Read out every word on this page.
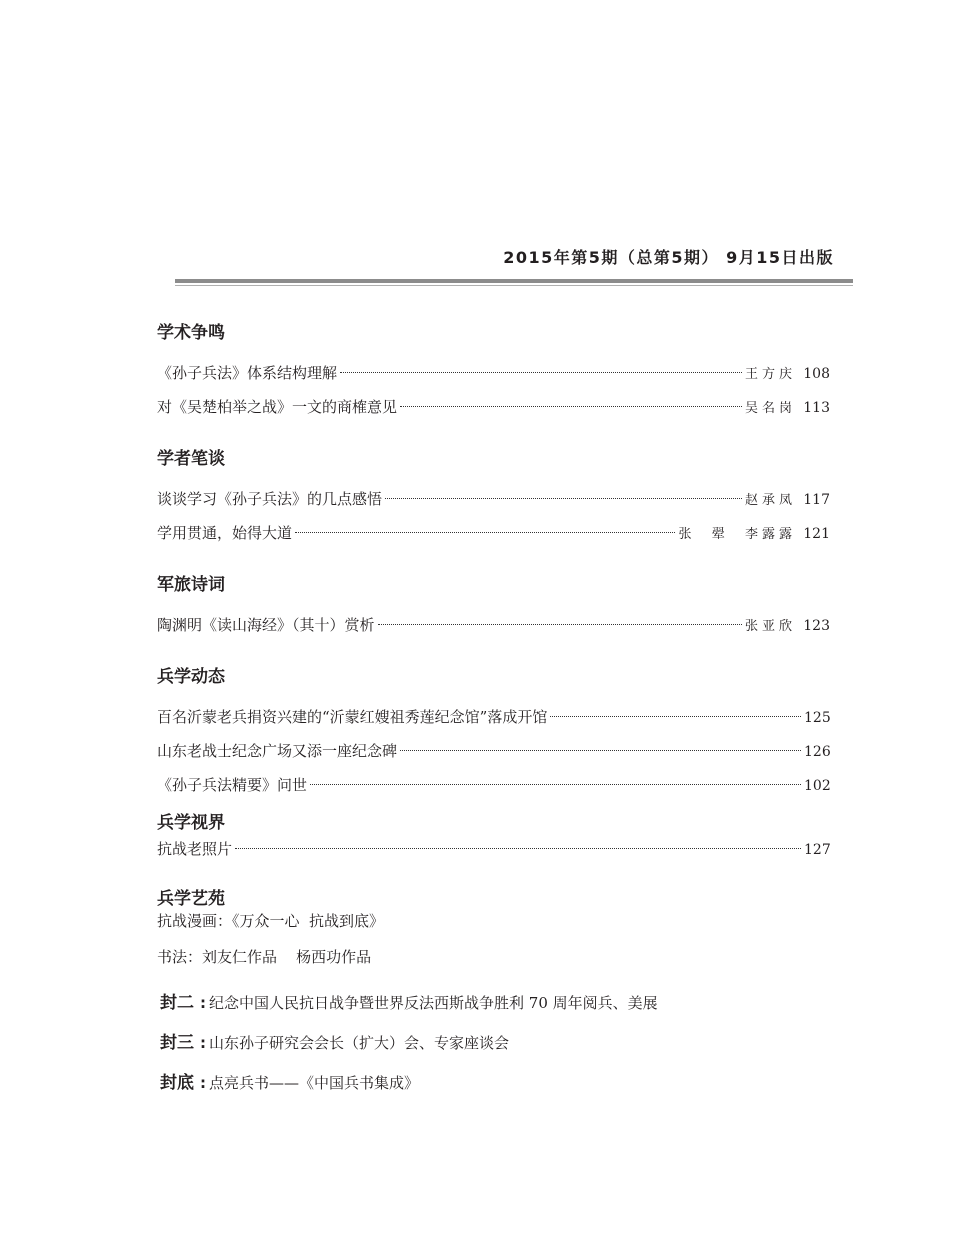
2015年第5期（总第5期） 9月15日出版
学术争鸣
《孙子兵法》体系结构理解	王方庆 108
对《吴楚柏举之战》一文的商榷意见	吴名岗 113
学者笔谈
谈谈学习《孙子兵法》的几点感悟	赵承凤 117
学用贯通，始得大道	张  翚  李露露 121
军旅诗词
陶渊明《读山海经》（其十）赏析	张亚欣 123
兵学动态
百名沂蒙老兵捐资兴建的“沂蒙红嫂祖秀莲纪念馆”落成开馆	125
山东老战士纪念广场又添一座纪念碑	126
《孙子兵法精要》问世	102
兵学视界
抗战老照片	127
兵学艺苑
抗战漫画：《万众一心  抗战到底》
书法：刘友仁作品    杨西功作品
封二 : 纪念中国人民抗日战争暨世界反法西斯战争胜利 70 周年阅兵、美展
封三 : 山东孙子研究会会长（扩大）会、专家座谈会
封底 : 点亮兵书——《中国兵书集成》
